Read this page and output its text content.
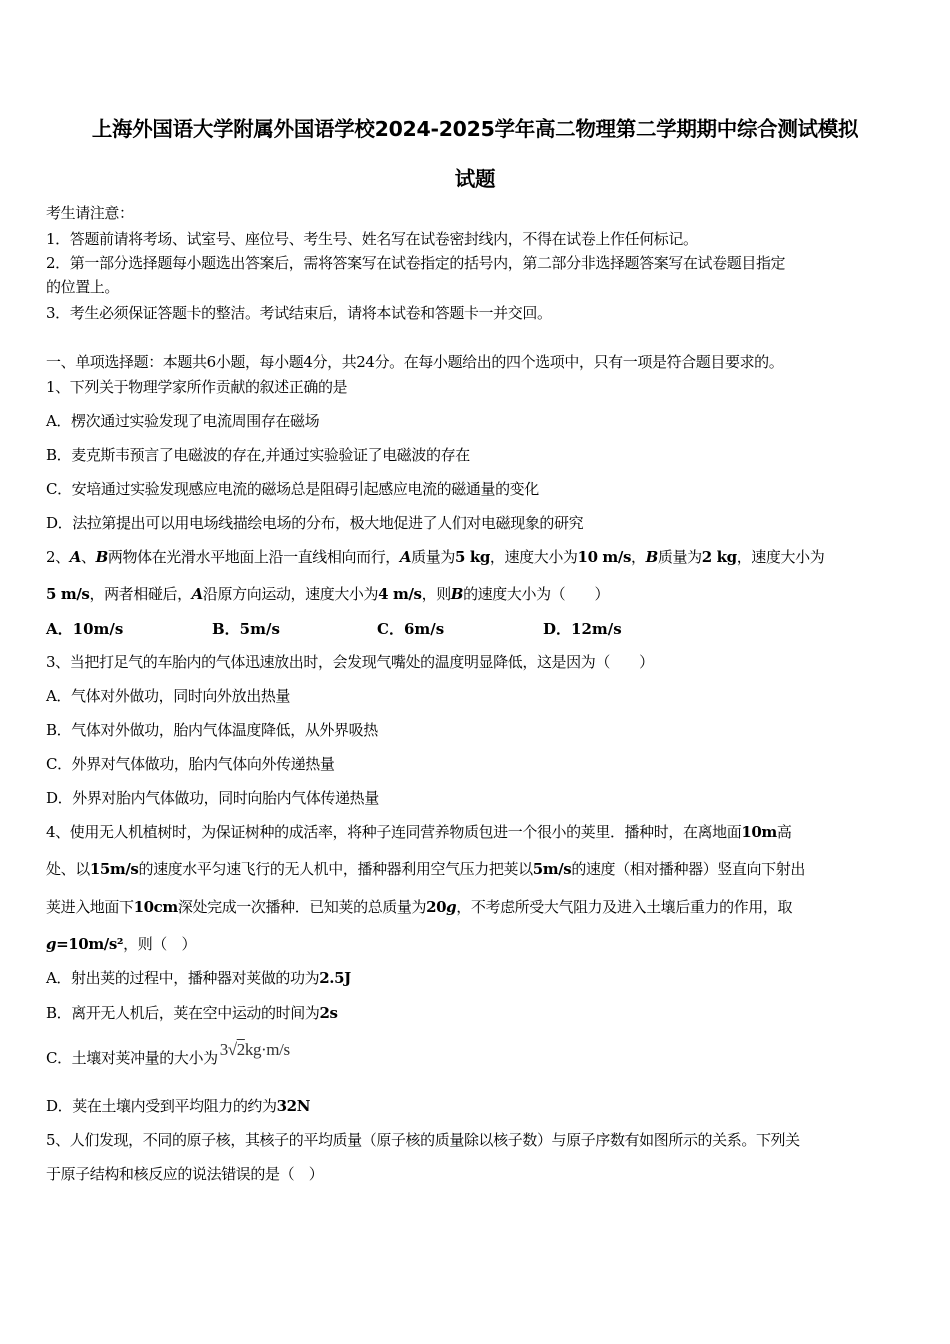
上海外国语大学附属外国语学校2024-2025学年高二物理第二学期期中综合测试模拟
试题
考生请注意：
1．答题前请将考场、试室号、座位号、考生号、姓名写在试卷密封线内，不得在试卷上作任何标记。
2．第一部分选择题每小题选出答案后，需将答案写在试卷指定的括号内，第二部分非选择题答案写在试卷题目指定
的位置上。
3．考生必须保证答题卡的整洁。考试结束后，请将本试卷和答题卡一并交回。
一、单项选择题：本题共6小题，每小题4分，共24分。在每小题给出的四个选项中，只有一项是符合题目要求的。
1、下列关于物理学家所作贡献的叙述正确的是
A．楞次通过实验发现了电流周围存在磁场
B．麦克斯韦预言了电磁波的存在,并通过实验验证了电磁波的存在
C．安培通过实验发现感应电流的磁场总是阻碍引起感应电流的磁通量的变化
D．法拉第提出可以用电场线描绘电场的分布，极大地促进了人们对电磁现象的研究
2、A、B两物体在光滑水平地面上沿一直线相向而行，A质量为5 kg，速度大小为10 m/s，B质量为2 kg，速度大小为
5 m/s，两者相碰后，A沿原方向运动，速度大小为4 m/s，则B的速度大小为（　　）
A．10m/s	B．5m/s	C．6m/s	D．12m/s
3、当把打足气的车胎内的气体迅速放出时，会发现气嘴处的温度明显降低，这是因为（　　）
A．气体对外做功，同时向外放出热量
B．气体对外做功，胎内气体温度降低，从外界吸热
C．外界对气体做功，胎内气体向外传递热量
D．外界对胎内气体做功，同时向胎内气体传递热量
4、使用无人机植树时，为保证树种的成活率，将种子连同营养物质包进一个很小的荚里．播种时，在离地面10m高
处、以15m/s的速度水平匀速飞行的无人机中，播种器利用空气压力把荚以5m/s的速度（相对播种器）竖直向下射出
荚进入地面下10cm深处完成一次播种．已知荚的总质量为20g，不考虑所受大气阻力及进入土壤后重力的作用，取
g=10m/s²，则（　）
A．射出荚的过程中，播种器对荚做的功为2.5J
B．离开无人机后，荚在空中运动的时间为2s
C．土壤对荚冲量的大小为 3√2kg·m/s
D．荚在土壤内受到平均阻力的约为32N
5、人们发现，不同的原子核，其核子的平均质量（原子核的质量除以核子数）与原子序数有如图所示的关系。下列关
于原子结构和核反应的说法错误的是（　）
